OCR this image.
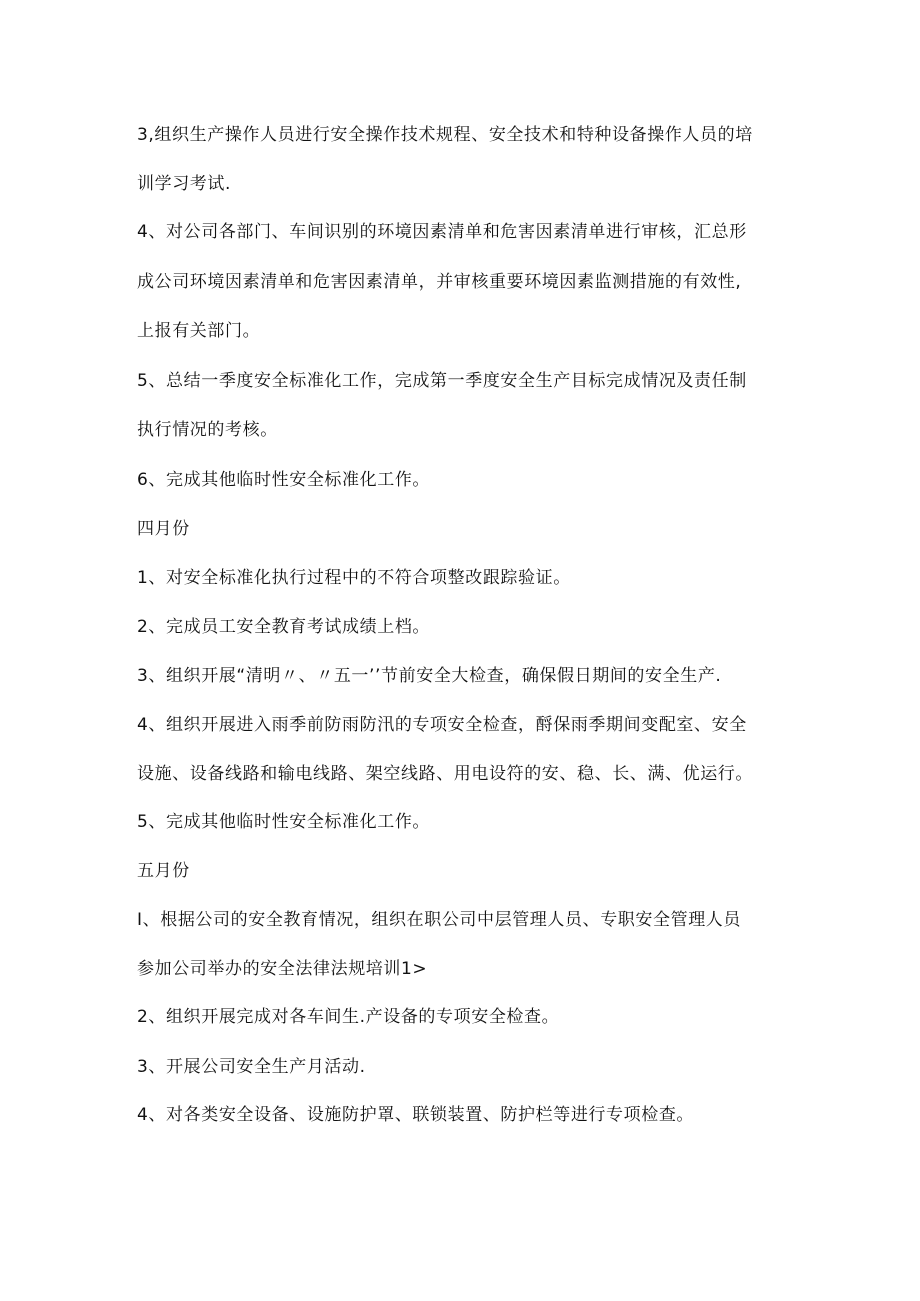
3,组织生产操作人员进行安全操作技术规程、安全技术和特种设备操作人员的培
训学习考试.
4、对公司各部门、车间识别的环境因素清单和危害因素清单进行审核，汇总形
成公司环境因素清单和危害因素清单，并审核重要环境因素监测措施的有效性,
上报有关部门。
5、总结一季度安全标准化工作，完成第一季度安全生产目标完成情况及责任制
执行情况的考核。
6、完成其他临时性安全标准化工作。
四月份
1、对安全标准化执行过程中的不符合项整改跟踪验证。
2、完成员工安全教育考试成绩上档。
3、组织开展“清明〃、〃五一’’节前安全大检查，确保假日期间的安全生产.
4、组织开展进入雨季前防雨防汛的专项安全检查，酹保雨季期间变配室、安全
设施、设备线路和输电线路、架空线路、用电设符的安、稳、长、满、优运行。
5、完成其他临时性安全标准化工作。
五月份
I、根据公司的安全教育情况，组织在职公司中层管理人员、专职安全管理人员
参加公司举办的安全法律法规培训1>
2、组织开展完成对各车间生.产设备的专项安全检查。
3、开展公司安全生产月活动.
4、对各类安全设备、设施防护罩、联锁装置、防护栏等进行专项检查。
